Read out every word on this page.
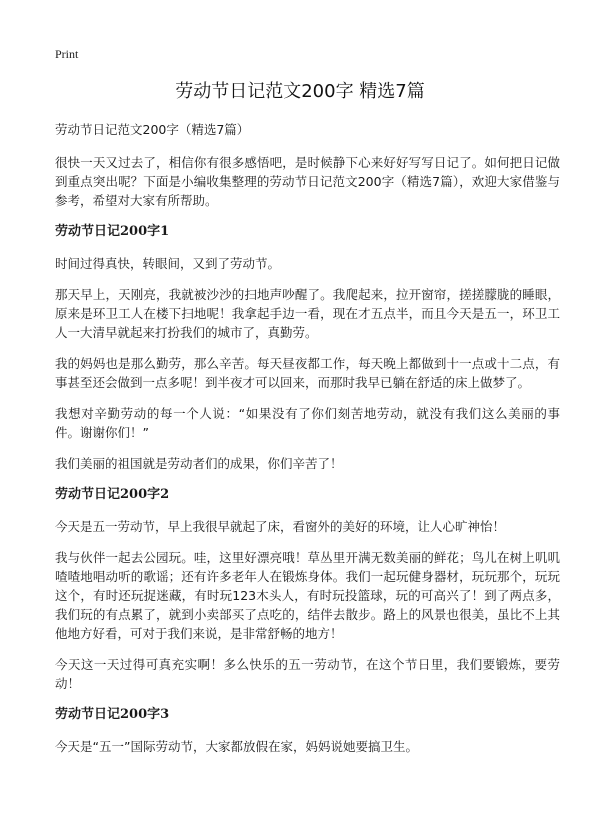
Print
劳动节日记范文200字 精选7篇

劳动节日记范文200字（精选7篇）

很快一天又过去了，相信你有很多感悟吧，是时候静下心来好好写写日记了。如何把日记做到重点突出呢？下面是小编收集整理的劳动节日记范文200字（精选7篇），欢迎大家借鉴与参考，希望对大家有所帮助。

劳动节日记200字1

时间过得真快，转眼间，又到了劳动节。

那天早上，天刚亮，我就被沙沙的扫地声吵醒了。我爬起来，拉开窗帘，搓搓朦胧的睡眼，原来是环卫工人在楼下扫地呢！我拿起手边一看，现在才五点半，而且今天是五一，环卫工人一大清早就起来打扮我们的城市了，真勤劳。

我的妈妈也是那么勤劳，那么辛苦。每天昼夜都工作，每天晚上都做到十一点或十二点，有事甚至还会做到一点多呢！到半夜才可以回来，而那时我早已躺在舒适的床上做梦了。

我想对辛勤劳动的每一个人说：“如果没有了你们刻苦地劳动，就没有我们这么美丽的事件。谢谢你们！”

我们美丽的祖国就是劳动者们的成果，你们辛苦了！

劳动节日记200字2

今天是五一劳动节，早上我很早就起了床，看窗外的美好的环境，让人心旷神怡！

我与伙伴一起去公园玩。哇，这里好漂亮哦！草丛里开满无数美丽的鲜花；鸟儿在树上叽叽喳喳地唱动听的歌谣；还有许多老年人在锻炼身体。我们一起玩健身器材，玩玩那个，玩玩这个，有时还玩捉迷藏，有时玩123木头人，有时玩投篮球，玩的可高兴了！到了两点多，我们玩的有点累了，就到小卖部买了点吃的，结伴去散步。路上的风景也很美，虽比不上其他地方好看，可对于我们来说，是非常舒畅的地方！

今天这一天过得可真充实啊！多么快乐的五一劳动节，在这个节日里，我们要锻炼，要劳动！

劳动节日记200字3

今天是“五一”国际劳动节，大家都放假在家，妈妈说她要搞卫生。
